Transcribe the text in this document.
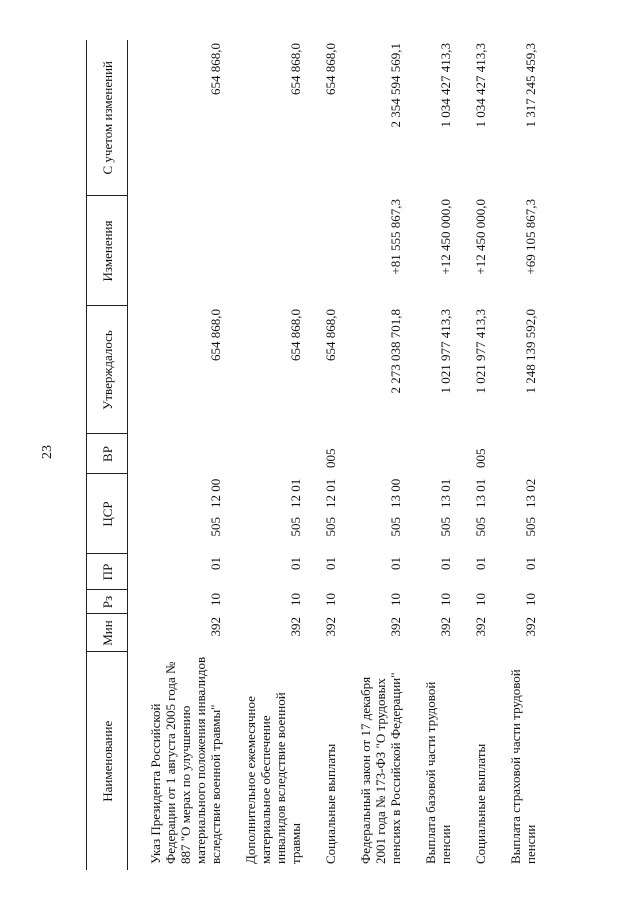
23
Наименование	Мин	Рз	ПР	ЦСР		ВР	Утверждалось	Изменения	С учетом изменений
Указ Президента Российской Федерации от 1 августа 2005 года № 887 "О мерах по улучшению материального положения инвалидов вследствие военной травмы"	392	10	01	505	12 00		654 868,0		654 868,0
Дополнительное ежемесячное материальное обеспечение инвалидов вследствие военной травмы	392	10	01	505	12 01		654 868,0		654 868,0
Социальные выплаты	392	10	01	505	12 01	005	654 868,0		654 868,0
Федеральный закон от 17 декабря 2001 года № 173-ФЗ "О трудовых пенсиях в Российской Федерации"	392	10	01	505	13 00		2 273 038 701,8	+81 555 867,3	2 354 594 569,1
Выплата базовой части трудовой пенсии	392	10	01	505	13 01		1 021 977 413,3	+12 450 000,0	1 034 427 413,3
Социальные выплаты	392	10	01	505	13 01	005	1 021 977 413,3	+12 450 000,0	1 034 427 413,3
Выплата страховой части трудовой пенсии	392	10	01	505	13 02		1 248 139 592,0	+69 105 867,3	1 317 245 459,3
